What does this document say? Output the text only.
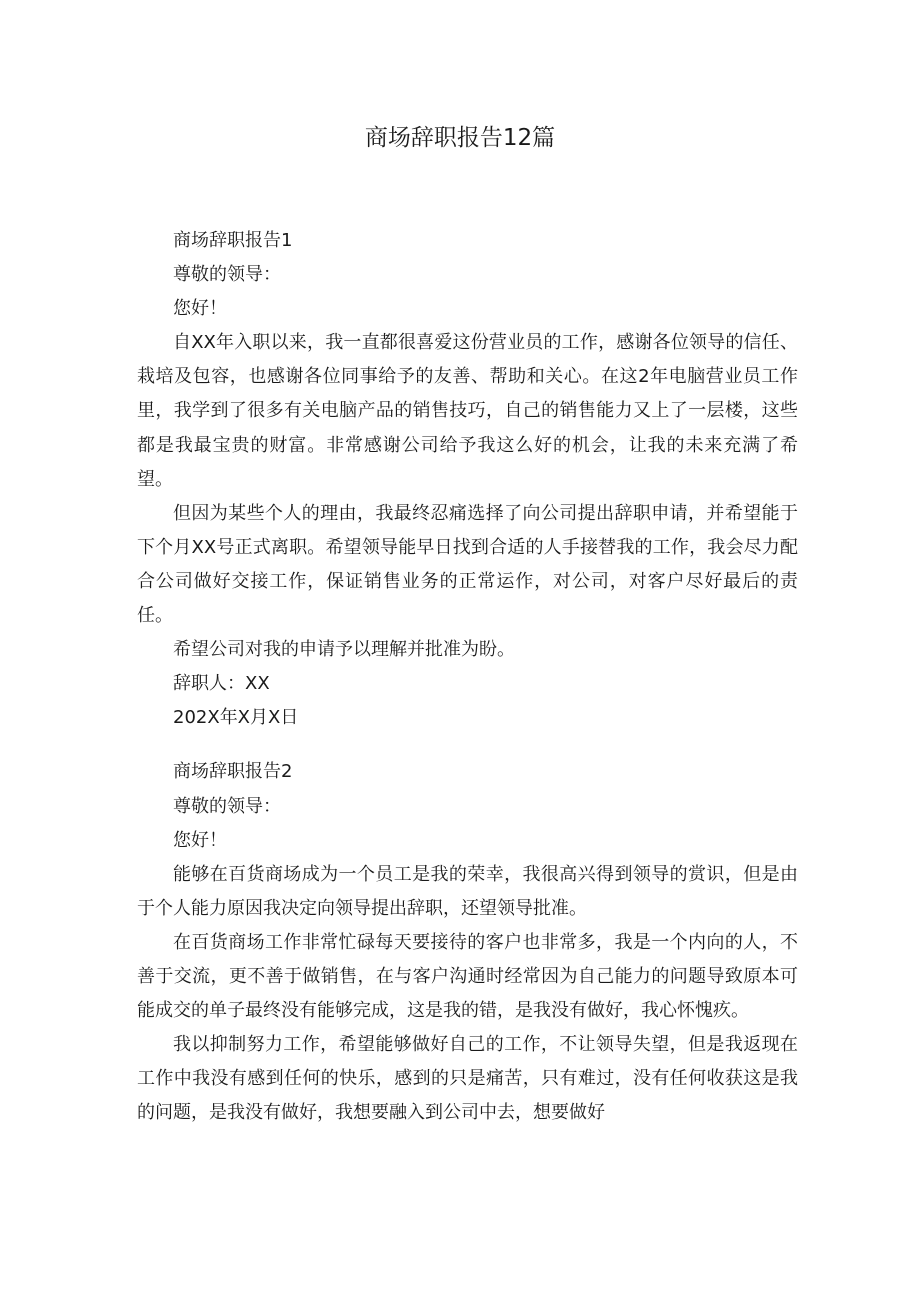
商场辞职报告12篇

商场辞职报告1

尊敬的领导：

您好！

自XX年入职以来，我一直都很喜爱这份营业员的工作，感谢各位领导的信任、栽培及包容，也感谢各位同事给予的友善、帮助和关心。在这2年电脑营业员工作里，我学到了很多有关电脑产品的销售技巧，自己的销售能力又上了一层楼，这些都是我最宝贵的财富。非常感谢公司给予我这么好的机会，让我的未来充满了希望。

但因为某些个人的理由，我最终忍痛选择了向公司提出辞职申请，并希望能于下个月XX号正式离职。希望领导能早日找到合适的人手接替我的工作，我会尽力配合公司做好交接工作，保证销售业务的正常运作，对公司，对客户尽好最后的责任。

希望公司对我的申请予以理解并批准为盼。

辞职人：XX

202X年X月X日

商场辞职报告2

尊敬的领导：

您好！

能够在百货商场成为一个员工是我的荣幸，我很高兴得到领导的赏识，但是由于个人能力原因我决定向领导提出辞职，还望领导批准。

在百货商场工作非常忙碌每天要接待的客户也非常多，我是一个内向的人，不善于交流，更不善于做销售，在与客户沟通时经常因为自己能力的问题导致原本可能成交的单子最终没有能够完成，这是我的错，是我没有做好，我心怀愧疚。

我以抑制努力工作，希望能够做好自己的工作，不让领导失望，但是我返现在工作中我没有感到任何的快乐，感到的只是痛苦，只有难过，没有任何收获这是我的问题，是我没有做好，我想要融入到公司中去，想要做好
